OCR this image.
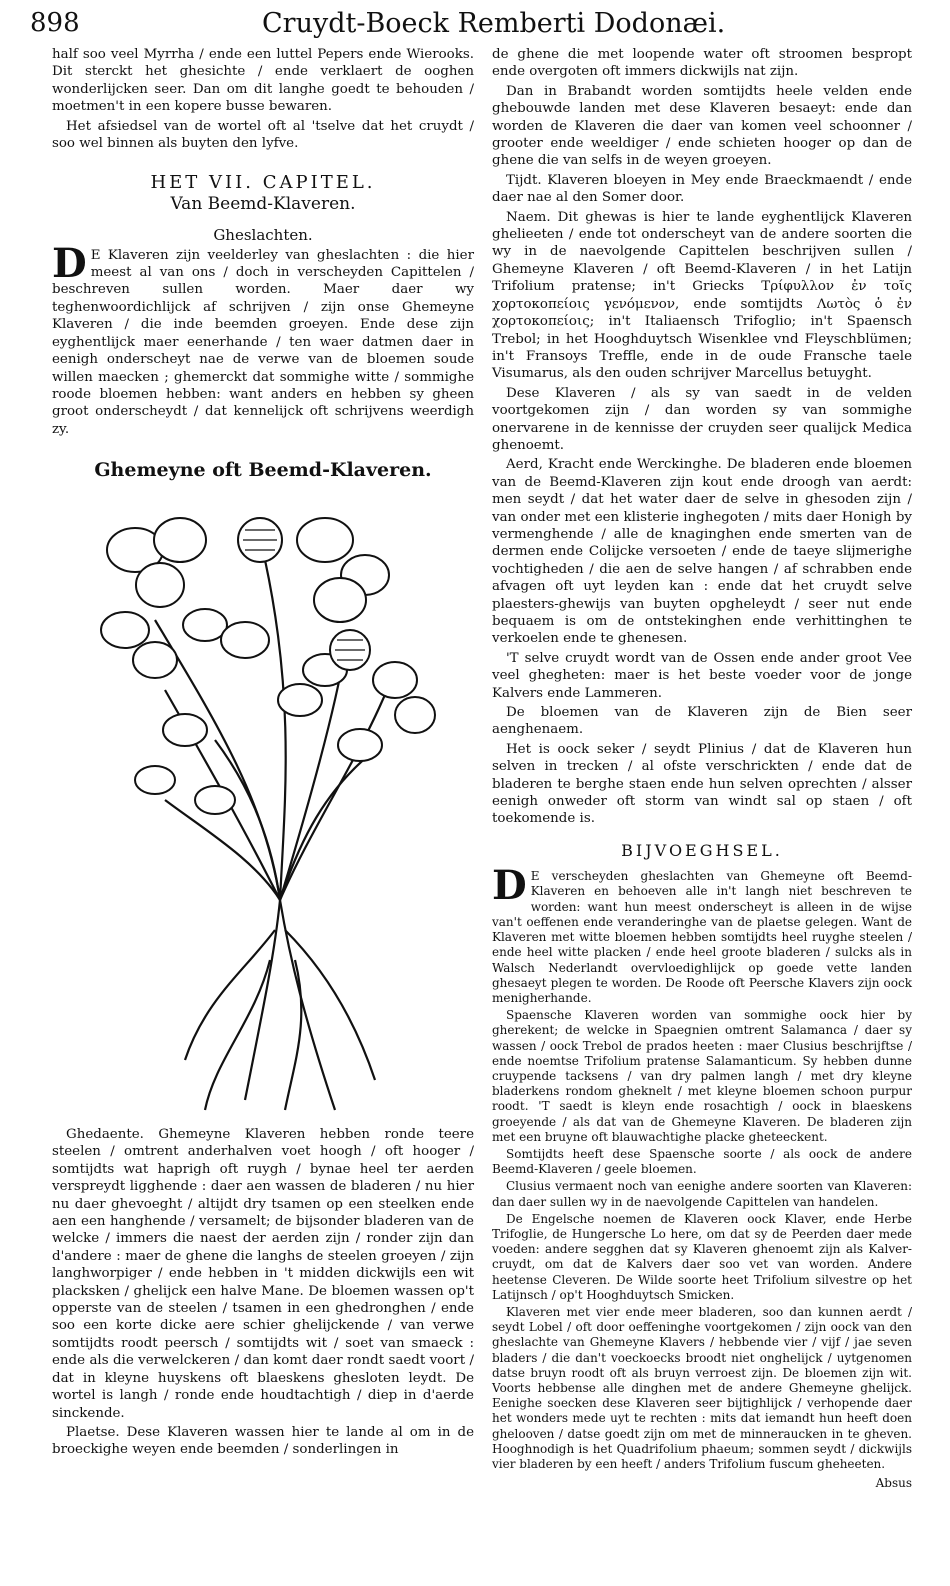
898	Cruydt-Boeck Remberti Dodonæi.

half soo veel Myrrha / ende een luttel Pepers ende Wierooks. Dit sterckt het ghesichte / ende verklaert de ooghen wonderlijcken seer. Dan om dit langhe goedt te behouden / moetmen't in een koperе busse bewaren.

Het afsiedsel van de wortel oft al 'tselve dat het cruydt / soo wel binnen als buyten den lyfve.

HET VII. CAPITEL.
Van Beemd-Klaveren.
Gheslachten.

D E Klaveren zijn veelderley van gheslachten : die hier meest al van ons / doch in verscheyden Capittelen / beschreven sullen worden. Maer daer wy teghenwoordichlijck af schrijven / zijn onse Ghemeyne Klaveren / die inde beemden groeyen. Ende dese zijn eyghentlijck maer eenerhande / ten waer datmen daer in eenigh onderscheyt nae de verwe van de bloemen soude willen maecken ; ghemerckt dat sommighe witte / sommighe roode bloemen hebben: want anders en hebben sy gheen groot onderscheydt / dat kennelijck oft schrijvens weerdigh zy.

Ghemeyne oft Beemd-Klaveren.

Ghedaente. Ghemeyne Klaveren hebben ronde teere steelen / omtrent anderhalven voet hoogh / oft hooger / somtijdts wat haprigh oft ruygh / bynae heel ter aerden verspreydt ligghende : daer aen wassen de bladeren / nu hier nu daer ghevoeght / altijdt dry tsamen op een steelken ende aen een hanghende / versamelt; de bijsonder bladeren van de welcke / immers die naest der aerden zijn / ronder zijn dan d'andere : maer de ghene die langhs de steelen groeyen / zijn langhworpiger / ende hebben in 't midden dickwijls een wit placksken / ghelijck een halve Mane. De bloemen wassen op't opperste van de steelen / tsamen in een ghedronghen / ende soo een korte dicke aere schier ghelijckende / van verwe somtijdts roodt peersch / somtijdts wit / soet van smaeck : ende als die verwelckeren / dan komt daer rondt saedt voort / dat in kleyne huyskens oft blaeskens ghesloten leydt. De wortel is langh / ronde ende houdtachtigh / diep in d'aerde sinckende.

Plaetse. Dese Klaveren wassen hier te lande al om in de broeckighe weyen ende beemden / sonderlingen in

de ghene die met loopende water oft stroomen bespropt ende overgoten oft immers dickwijls nat zijn.

Dan in Brabandt worden somtijdts heele velden ende ghebouwde landen met dese Klaveren besaeyt: ende dan worden de Klaveren die daer van komen veel schoonner / grooter ende weeldiger / ende schieten hooger op dan de ghene die van selfs in de weyen groeyen.

Tijdt. Klaveren bloeyen in Mey ende Braeckmaendt / ende daer nae al den Somer door.

Naem. Dit ghewas is hier te lande eyghentlijck Klaveren ghelieeten / ende tot onderscheyt van de andere soorten die wy in de naevolgende Capittelen beschrijven sullen / Ghemeyne Klaveren / oft Beemd-Klaveren / in het Latijn Trifolium pratense; in't Griecks Τρίφυλλον ἐν τοῖς χορτοκοπείοις γενόμενον, ende somtijdts Λωτὸς ὁ ἐν χορτοκοπείοις; in't Italiaensch Trifoglio; in't Spaensch Trebol; in het Hooghduytsch Wisenklee vnd Fleyschblümen; in't Fransoys Treffle, ende in de oude Fransche taele Visumarus, als den ouden schrijver Marcellus betuyght.

Dese Klaveren / als sy van saedt in de velden voortgekomen zijn / dan worden sy van sommighe onervarene in de kennisse der cruyden seer qualijck Medica ghenoemt.

Aerd, Kracht ende Werckinghe. De bladeren ende bloemen van de Beemd-Klaveren zijn kout ende droogh van aerdt: men seydt / dat het water daer de selve in ghesoden zijn / van onder met een klisterie inghegoten / mits daer Honigh by vermenghende / alle de knaginghen ende smerten van de dermen ende Colijcke versoeten / ende de taeye slijmerighe vochtigheden / die aen de selve hangen / af schrabben ende afvagen oft uyt leyden kan : ende dat het cruydt selve plaesters-ghewijs van buyten opgheleydt / seer nut ende bequaem is om de ontstekinghen ende verhittinghen te verkoelen ende te ghenesen.

'T selve cruydt wordt van de Ossen ende ander groot Vee veel ghegheten: maer is het beste voeder voor de jonge Kalvers ende Lammeren.

De bloemen van de Klaveren zijn de Bien seer aenghenaem.

Het is oock seker / seydt Plinius / dat de Klaveren hun selven in treckеn / al ofste verschrickten / ende dat de bladeren te berghe staen ende hun selven oprechten / alsser eenigh onweder oft storm van windt sal op staen / oft toekomende is.

BIJVOEGHSEL.

D E verscheyden gheslachten van Ghemeyne oft Beemd-Klaveren en behoeven alle in't langh niet beschreven te worden: want hun meest onderscheyt is alleen in de wijse van't oeffenen ende veranderinghe van de plaetse gelegen. Want de Klaveren met witte bloemen hebben somtijdts heel ruyghe steelen / ende heel witte placken / ende heel groote bladeren / sulcks als in Walsch Nederlandt overvloedighlijck op goede vette landen ghesaeyt plegen te worden. De Roode oft Peersche Klavers zijn oock menigherhande.

Spaensche Klaveren worden van sommighe oock hier by gherekent; de welcke in Spaegnien omtrent Salamanca / daer sy wassen / oock Trebol de prados heeten : maer Clusius beschrijftse / ende noemtse Trifolium pratense Salamanticum. Sy hebben dunne cruypende tacksens / van dry palmen langh / met dry kleyne bladerkens rondom gheknelt / met kleyne bloemen schoon purpur roodt. 'T saedt is kleyn ende rosachtigh / oock in blaeskens groeyende / als dat van de Ghemeyne Klaveren. De bladeren zijn met een bruyne oft blauwachtighe placke gheteeckent.

Somtijdts heeft dese Spaensche soorte / als oock de andere Beemd-Klaveren / geele bloemen.

Clusius vermaent noch van eenighe andere soorten van Klaveren: dan daer sullen wy in de naevolgende Capittelen van handelen.

De Engelsche noemen de Klaveren oock Klaver, ende Herbe Trifoglie, de Hungersche Lo here, om dat sy de Peerden daer mede voeden: andere segghen dat sy Klaveren ghenoemt zijn als Kalver-cruydt, om dat de Kalvers daer soo vet van worden. Andere heetense Cleveren. De Wilde soorte heet Trifolium silvestre op het Latijnsch / op't Hooghduytsch Smicken.

Klaveren met vier ende meer bladeren, soo dan kunnen aerdt / seydt Lobel / oft door oeffeninghe voortgekomen / zijn oock van den gheslachte van Ghemeyne Klavers / hebbende vier / vijf / jae seven bladers / die dan't voeckoecks broodt niet onghelijck / uytgenomen datse bruyn roodt oft als bruyn verroest zijn. De bloemen zijn wit. Voorts hebbense alle dinghen met de andere Ghemeyne ghelijck. Eenighe soecken dese Klaveren seer bijtighlijck / verhopende daer het wonders mede uyt te rechten : mits dat iemandt hun heeft doen ghelooven / datse goedt zijn om met de minneraucken in te gheven. Hooghnodigh is het Quadrifolium phaeum; sommen seydt / dickwijls vier bladeren by een heeft / anders Trifolium fuscum gheheeten.

Absus
